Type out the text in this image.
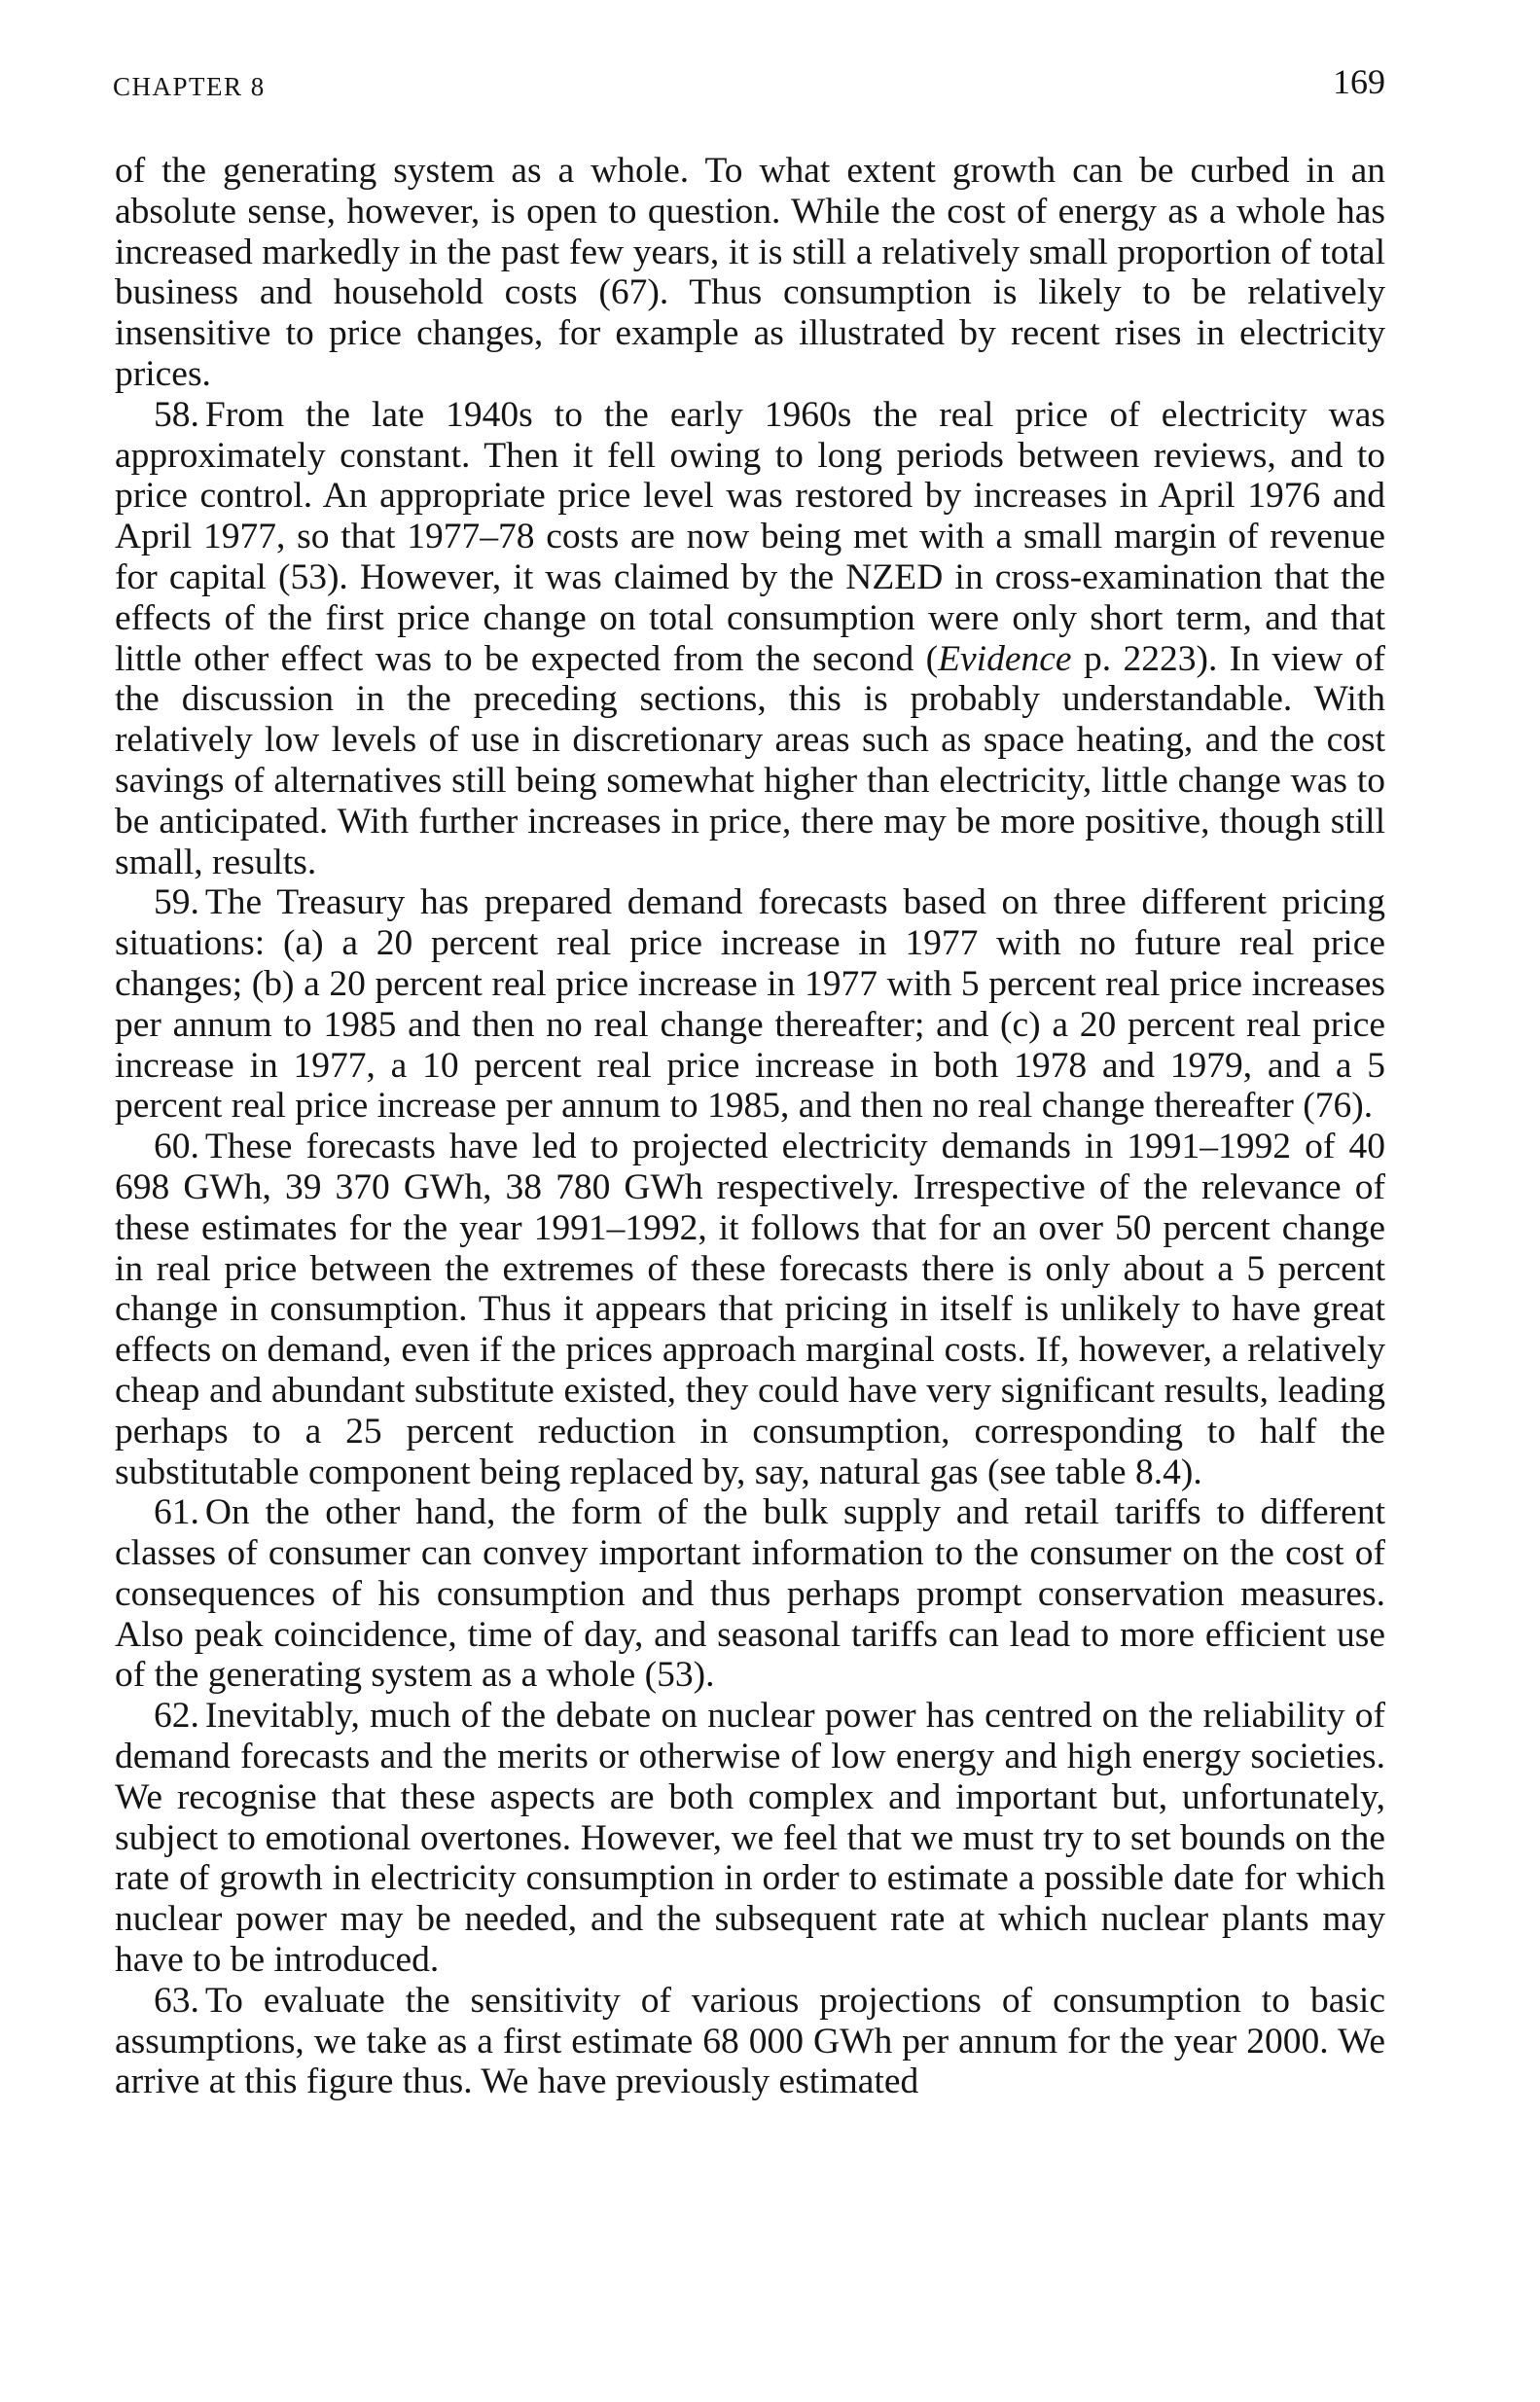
CHAPTER 8	169

of the generating system as a whole. To what extent growth can be curbed in an absolute sense, however, is open to question. While the cost of energy as a whole has increased markedly in the past few years, it is still a relatively small proportion of total business and household costs (67). Thus consumption is likely to be relatively insensitive to price changes, for example as illustrated by recent rises in electricity prices.

58. From the late 1940s to the early 1960s the real price of electricity was approximately constant. Then it fell owing to long periods between reviews, and to price control. An appropriate price level was restored by increases in April 1976 and April 1977, so that 1977–78 costs are now being met with a small margin of revenue for capital (53). However, it was claimed by the NZED in cross-examination that the effects of the first price change on total consumption were only short term, and that little other effect was to be expected from the second (Evidence p. 2223). In view of the discussion in the preceding sections, this is probably understandable. With relatively low levels of use in discretionary areas such as space heating, and the cost savings of alternatives still being somewhat higher than electricity, little change was to be anticipated. With further increases in price, there may be more positive, though still small, results.

59. The Treasury has prepared demand forecasts based on three different pricing situations: (a) a 20 percent real price increase in 1977 with no future real price changes; (b) a 20 percent real price increase in 1977 with 5 percent real price increases per annum to 1985 and then no real change thereafter; and (c) a 20 percent real price increase in 1977, a 10 percent real price increase in both 1978 and 1979, and a 5 percent real price increase per annum to 1985, and then no real change thereafter (76).

60. These forecasts have led to projected electricity demands in 1991–1992 of 40 698 GWh, 39 370 GWh, 38 780 GWh respectively. Irrespective of the relevance of these estimates for the year 1991–1992, it follows that for an over 50 percent change in real price between the extremes of these forecasts there is only about a 5 percent change in consumption. Thus it appears that pricing in itself is unlikely to have great effects on demand, even if the prices approach marginal costs. If, however, a relatively cheap and abundant substitute existed, they could have very significant results, leading perhaps to a 25 percent reduction in consumption, corresponding to half the substitutable component being replaced by, say, natural gas (see table 8.4).

61. On the other hand, the form of the bulk supply and retail tariffs to different classes of consumer can convey important information to the consumer on the cost of consequences of his consumption and thus perhaps prompt conservation measures. Also peak coincidence, time of day, and seasonal tariffs can lead to more efficient use of the generating system as a whole (53).

62. Inevitably, much of the debate on nuclear power has centred on the reliability of demand forecasts and the merits or otherwise of low energy and high energy societies. We recognise that these aspects are both complex and important but, unfortunately, subject to emotional overtones. However, we feel that we must try to set bounds on the rate of growth in electricity consumption in order to estimate a possible date for which nuclear power may be needed, and the subsequent rate at which nuclear plants may have to be introduced.

63. To evaluate the sensitivity of various projections of consumption to basic assumptions, we take as a first estimate 68 000 GWh per annum for the year 2000. We arrive at this figure thus. We have previously estimated
